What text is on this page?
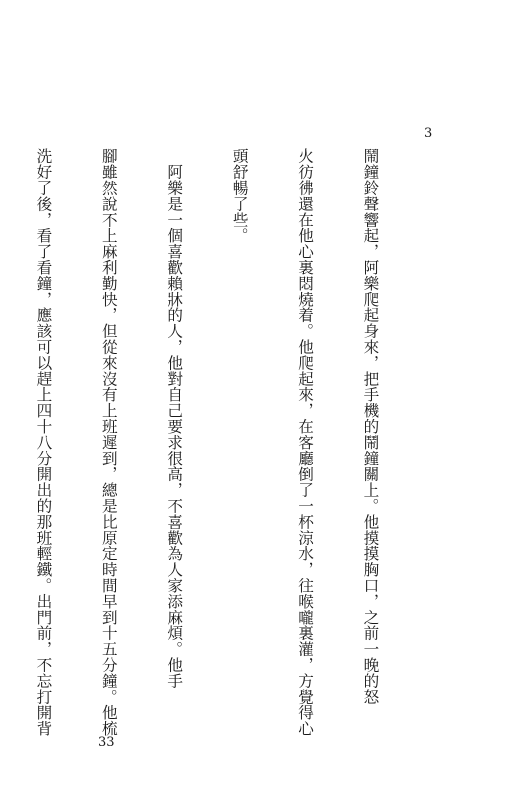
3

鬧鐘鈴聲響起，阿樂爬起身來，把手機的鬧鐘關上。他摸摸胸口，之前一晚的怒

火彷彿還在他心裏悶燒着。他爬起來，在客廳倒了一杯涼水，往喉嚨裏灌，方覺得心

頭舒暢了些。

　阿樂是一個喜歡賴牀的人，他對自己要求很高，不喜歡為人家添麻煩。他手

腳雖然說不上麻利勤快，但從來沒有上班遲到，總是比原定時間早到十五分鐘。他梳

洗好了後，看了看鐘，應該可以趕上四十八分開出的那班輕鐵。出門前，不忘打開背

33
